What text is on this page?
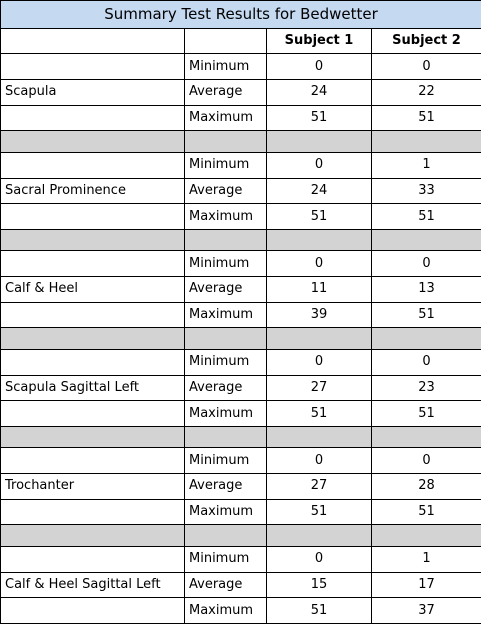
Summary Test Results for Bedwetter			
		Subject 1	Subject 2
	Minimum	0	0
Scapula	Average	24	22
	Maximum	51	51

	Minimum	0	1
Sacral Prominence	Average	24	33
	Maximum	51	51

	Minimum	0	0
Calf & Heel	Average	11	13
	Maximum	39	51

	Minimum	0	0
Scapula Sagittal Left	Average	27	23
	Maximum	51	51

	Minimum	0	0
Trochanter	Average	27	28
	Maximum	51	51

	Minimum	0	1
Calf & Heel Sagittal Left	Average	15	17
	Maximum	51	37
